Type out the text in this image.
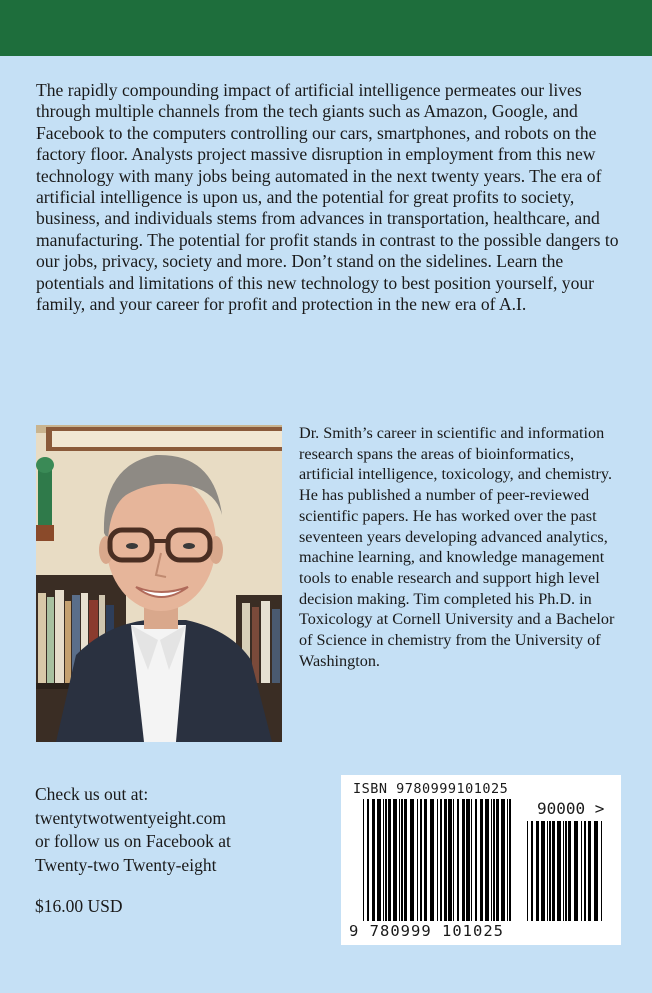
The rapidly compounding impact of artificial intelligence permeates our lives through multiple channels from the tech giants such as Amazon, Google, and Facebook to the computers controlling our cars, smartphones, and robots on the factory floor. Analysts project massive disruption in employment from this new technology with many jobs being automated in the next twenty years. The era of artificial intelligence is upon us, and the potential for great profits to society, business, and individuals stems from advances in transportation, healthcare, and manufacturing. The potential for profit stands in contrast to the possible dangers to our jobs, privacy, society and more. Don’t stand on the sidelines. Learn the potentials and limitations of this new technology to best position yourself, your family, and your career for profit and protection in the new era of A.I.

Dr. Smith’s career in scientific and information research spans the areas of bioinformatics, artificial intelligence, toxicology, and chemistry. He has published a number of peer-reviewed scientific papers. He has worked over the past seventeen years developing advanced analytics, machine learning, and knowledge management tools to enable research and support high level decision making. Tim completed his Ph.D. in Toxicology at Cornell University and a Bachelor of Science in chemistry from the University of Washington.

Check us out at:
twentytwotwentyeight.com
or follow us on Facebook at
Twenty-two Twenty-eight
$16.00 USD
ISBN 9780999101025
90000 >
9 780999 101025
